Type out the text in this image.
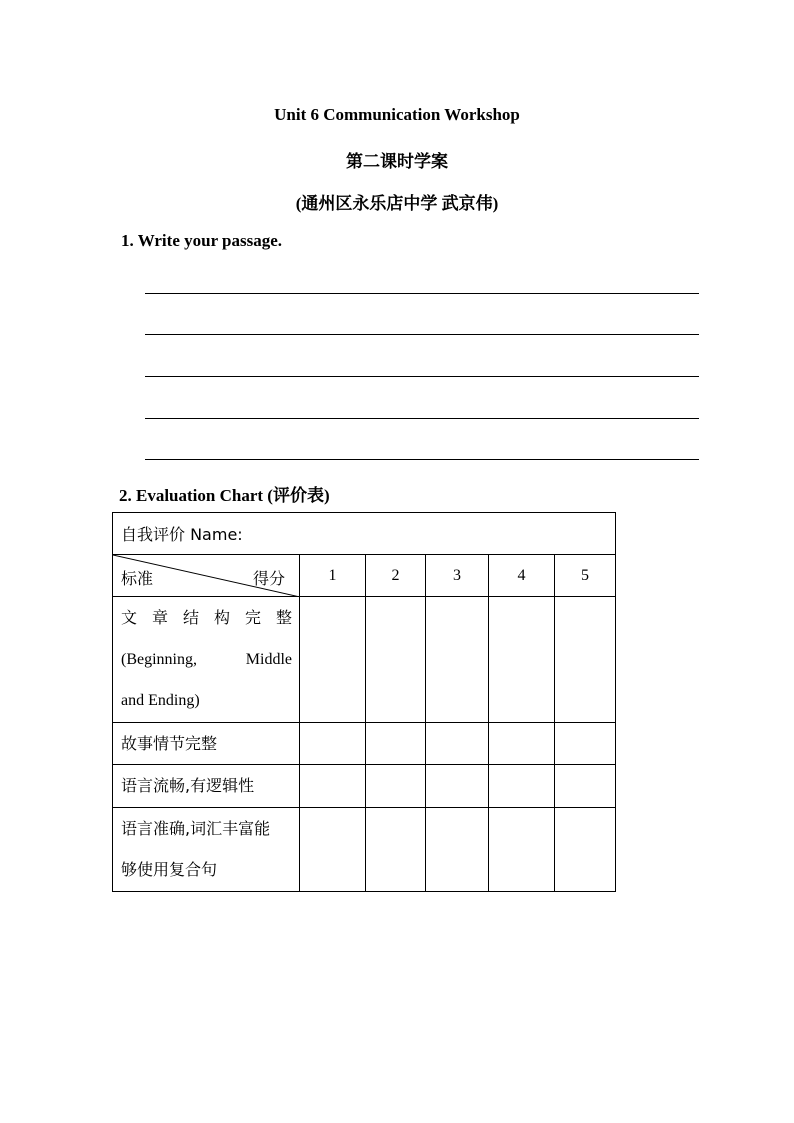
Unit 6 Communication Workshop
第二课时学案
(通州区永乐店中学 武京伟)
1. Write your passage.
2. Evaluation Chart (评价表)
自我评价 Name:					

标准 得分	1	2	3	4	5

文 章 结 构 完 整
(Beginning, Middle
and Ending)					

故事情节完整					
语言流畅,有逻辑性					

语言准确,词汇丰富能
够使用复合句					
